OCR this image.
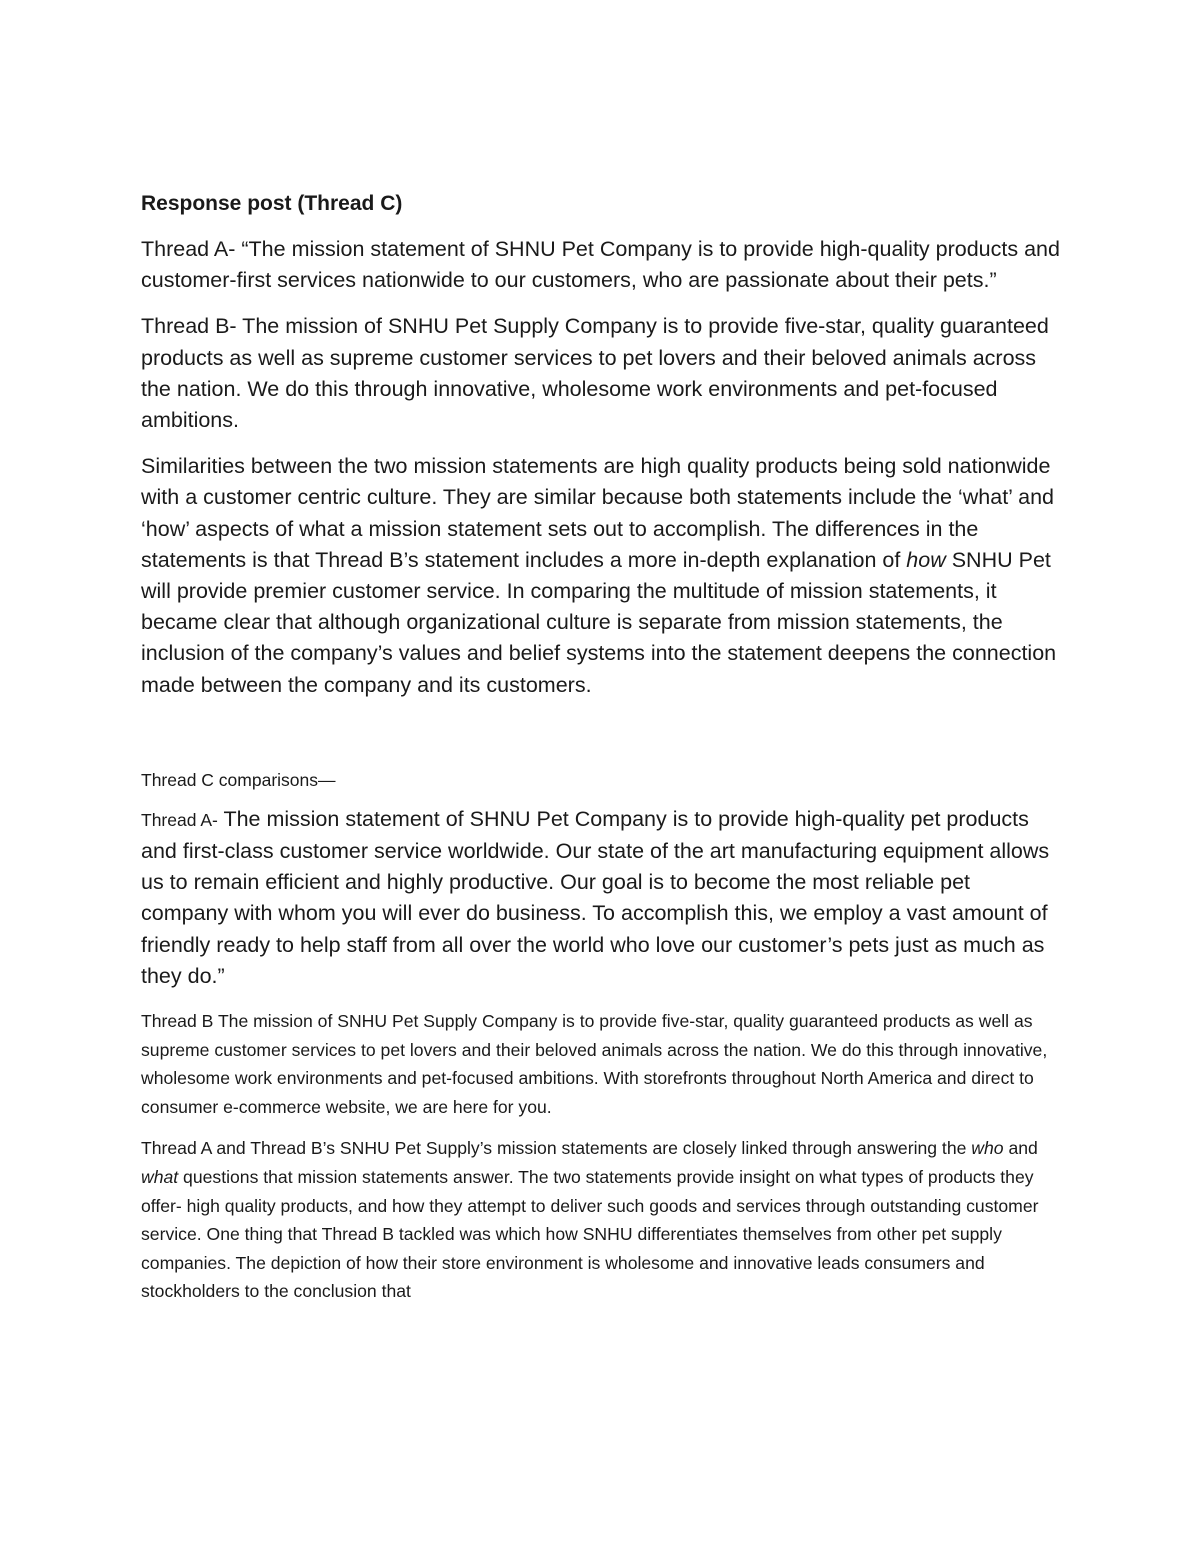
Response post (Thread C)

Thread A- “The mission statement of SHNU Pet Company is to provide high-quality products and customer-first services nationwide to our customers, who are passionate about their pets.”

Thread B- The mission of SNHU Pet Supply Company is to provide five-star, quality guaranteed products as well as supreme customer services to pet lovers and their beloved animals across the nation. We do this through innovative, wholesome work environments and pet-focused ambitions.

Similarities between the two mission statements are high quality products being sold nationwide with a customer centric culture. They are similar because both statements include the ‘what’ and ‘how’ aspects of what a mission statement sets out to accomplish. The differences in the statements is that Thread B’s statement includes a more in-depth explanation of how SNHU Pet will provide premier customer service. In comparing the multitude of mission statements, it became clear that although organizational culture is separate from mission statements, the inclusion of the company’s values and belief systems into the statement deepens the connection made between the company and its customers.

Thread C comparisons—

Thread A- The mission statement of SHNU Pet Company is to provide high-quality pet products and first-class customer service worldwide. Our state of the art manufacturing equipment allows us to remain efficient and highly productive. Our goal is to become the most reliable pet company with whom you will ever do business. To accomplish this, we employ a vast amount of friendly ready to help staff from all over the world who love our customer’s pets just as much as they do.”

Thread B The mission of SNHU Pet Supply Company is to provide five-star, quality guaranteed products as well as supreme customer services to pet lovers and their beloved animals across the nation. We do this through innovative, wholesome work environments and pet-focused ambitions. With storefronts throughout North America and direct to consumer e-commerce website, we are here for you.

Thread A and Thread B’s SNHU Pet Supply’s mission statements are closely linked through answering the who and what questions that mission statements answer. The two statements provide insight on what types of products they offer- high quality products, and how they attempt to deliver such goods and services through outstanding customer service. One thing that Thread B tackled was which how SNHU differentiates themselves from other pet supply companies. The depiction of how their store environment is wholesome and innovative leads consumers and stockholders to the conclusion that
